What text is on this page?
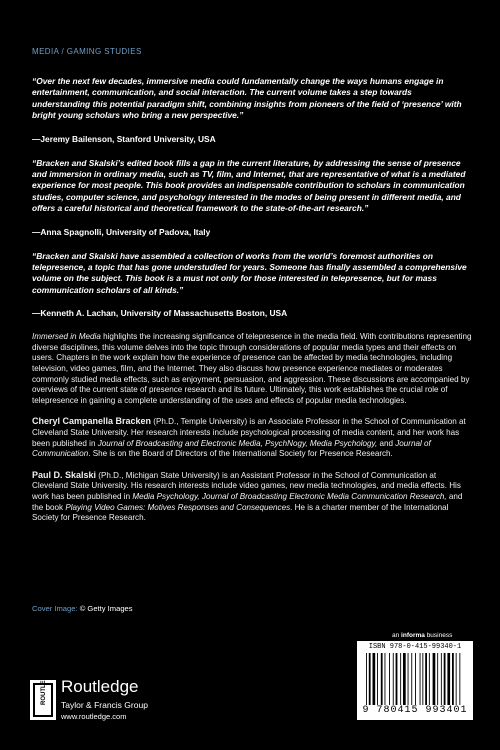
MEDIA / GAMING STUDIES

“Over the next few decades, immersive media could fundamentally change the ways humans engage in entertainment, communication, and social interaction. The current volume takes a step towards understanding this potential paradigm shift, combining insights from pioneers of the field of ‘presence’ with bright young scholars who bring a new perspective.”

—Jeremy Bailenson, Stanford University, USA

“Bracken and Skalski’s edited book fills a gap in the current literature, by addressing the sense of presence and immersion in ordinary media, such as TV, film, and Internet, that are representative of what is a mediated experience for most people. This book provides an indispensable contribution to scholars in communication studies, computer science, and psychology interested in the modes of being present in different media, and offers a careful historical and theoretical framework to the state-of-the-art research.”

—Anna Spagnolli, University of Padova, Italy

“Bracken and Skalski have assembled a collection of works from the world’s foremost authorities on telepresence, a topic that has gone understudied for years. Someone has finally assembled a comprehensive volume on the subject. This book is a must not only for those interested in telepresence, but for mass communication scholars of all kinds.”

—Kenneth A. Lachan, University of Massachusetts Boston, USA

Immersed in Media highlights the increasing significance of telepresence in the media field. With contributions representing diverse disciplines, this volume delves into the topic through considerations of popular media types and their effects on users. Chapters in the work explain how the experience of presence can be affected by media technologies, including television, video games, film, and the Internet. They also discuss how presence experience mediates or moderates commonly studied media effects, such as enjoyment, persuasion, and aggression. These discussions are accompanied by overviews of the current state of presence research and its future. Ultimately, this work establishes the crucial role of telepresence in gaining a complete understanding of the uses and effects of popular media technologies.

Cheryl Campanella Bracken (Ph.D., Temple University) is an Associate Professor in the School of Communication at Cleveland State University. Her research interests include psychological processing of media content, and her work has been published in Journal of Broadcasting and Electronic Media, PsychNogy, Media Psychology, and Journal of Communication. She is on the Board of Directors of the International Society for Presence Research.

Paul D. Skalski (Ph.D., Michigan State University) is an Assistant Professor in the School of Communication at Cleveland State University. His research interests include video games, new media technologies, and media effects. His work has been published in Media Psychology, Journal of Broadcasting Electronic Media Communication Research, and the book Playing Video Games: Motives Responses and Consequences. He is a charter member of the International Society for Presence Research.

Cover Image: © Getty Images
an informa business
ISBN 978-0-415-99340-1
9 780415 993401
ROUTLEDGE Routledge
Taylor & Francis Group
www.routledge.com
